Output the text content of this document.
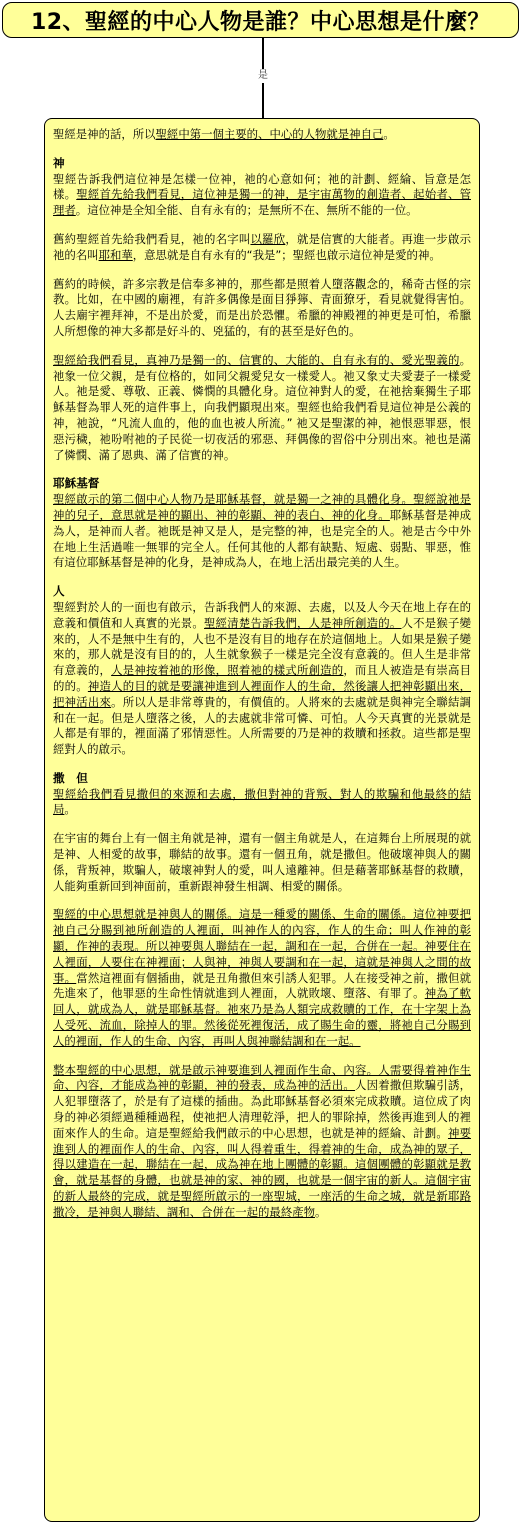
12、聖經的中心人物是誰？中心思想是什麼？
是

聖經是神的話，所以聖經中第一個主要的、中心的人物就是神自己。

神

聖經告訴我們這位神是怎樣一位神，祂的心意如何；祂的計劃、經綸、旨意是怎樣。聖經首先給我們看見，這位神是獨一的神，是宇宙萬物的創造者、起始者、管理者。這位神是全知全能、自有永有的；是無所不在、無所不能的一位。

舊約聖經首先給我們看見，祂的名字叫以羅欣，就是信實的大能者。再進一步啟示祂的名叫耶和華，意思就是自有永有的“我是”；聖經也啟示這位神是愛的神。

舊約的時候，許多宗教是信奉多神的，那些都是照着人墮落觀念的，稀奇古怪的宗教。比如，在中國的廟裡，有許多偶像是面目猙獰、青面獠牙，看見就覺得害怕。人去廟宇裡拜神，不是出於愛，而是出於恐懼。希臘的神殿裡的神更是可怕，希臘人所想像的神大多都是好斗的、兇猛的，有的甚至是好色的。

聖經給我們看見，真神乃是獨一的、信實的、大能的、自有永有的、愛光聖義的。祂象一位父親，是有位格的，如同父親愛兒女一樣愛人。祂又象丈夫愛妻子一樣愛人。祂是愛、尊敬、正義、憐憫的具體化身。這位神對人的愛，在祂捨棄獨生子耶穌基督為罪人死的這件事上，向我們顯現出來。聖經也給我們看見這位神是公義的神，祂說，“凡流人血的，他的血也被人所流。” 祂又是聖潔的神，祂恨惡罪惡，恨惡污穢，祂吩咐祂的子民從一切夜活的邪惡、拜偶像的習俗中分別出來。祂也是滿了憐憫、滿了恩典、滿了信實的神。

耶穌基督

聖經啟示的第二個中心人物乃是耶穌基督，就是獨一之神的具體化身。聖經說祂是神的兒子，意思就是神的顯出、神的彰顯、神的表白、神的化身。耶穌基督是神成為人，是神而人者。祂既是神又是人，是完整的神，也是完全的人。祂是古今中外在地上生活過唯一無罪的完全人。任何其他的人都有缺點、短處、弱點、罪惡，惟有這位耶穌基督是神的化身，是神成為人，在地上活出最完美的人生。

人

聖經對於人的一面也有啟示，告訴我們人的來源、去處，以及人今天在地上存在的意義和價值和人真實的光景。聖經清楚告訴我們，人是神所創造的。人不是猴子變來的，人不是無中生有的，人也不是沒有目的地存在於這個地上。人如果是猴子變來的，那人就是沒有目的的，人生就象猴子一樣是完全沒有意義的。但人生是非常有意義的，人是神按着祂的形像，照着祂的樣式所創造的，而且人被造是有崇高目的的。神造人的目的就是要讓神進到人裡面作人的生命，然後讓人把神彰顯出來，把神活出來。所以人是非常尊貴的，有價值的。人將來的去處就是與神完全聯結調和在一起。但是人墮落之後，人的去處就非常可憐、可怕。人今天真實的光景就是人都是有罪的，裡面滿了邪情惡性。人所需要的乃是神的救贖和拯救。這些都是聖經對人的啟示。

撒　但

聖經給我們看見撒但的來源和去處，撒但對神的背叛、對人的欺騙和他最終的結局。

在宇宙的舞台上有一個主角就是神，還有一個主角就是人，在這舞台上所展現的就是神、人相愛的故事，聯結的故事。還有一個丑角，就是撒但。他破壞神與人的關係，背叛神，欺騙人，破壞神對人的愛，叫人遠離神。但是藉著耶穌基督的救贖，人能夠重新回到神面前，重新跟神發生相調、相愛的關係。

聖經的中心思想就是神與人的關係。這是一種愛的關係、生命的關係。這位神要把祂自己分賜到祂所創造的人裡面，叫神作人的內容，作人的生命；叫人作神的彰顯，作神的表現。所以神要與人聯結在一起，調和在一起，合併在一起。神要住在人裡面，人要住在神裡面；人與神，神與人要調和在一起，這就是神與人之間的故事。當然這裡面有個插曲，就是丑角撒但來引誘人犯罪。人在接受神之前，撒但就先進來了，他罪惡的生命性情就進到人裡面，人就敗壞、墮落、有罪了。神為了軟回人，就成為人，就是耶穌基督。祂來乃是為人類完成救贖的工作，在十字架上為人受死、流血，除掉人的罪。然後從死裡復活，成了賜生命的靈，將祂自己分賜到人的裡面，作人的生命、內容，再叫人與神聯結調和在一起。

整本聖經的中心思想，就是啟示神要進到人裡面作生命、內容。人需要得着神作生命、內容，才能成為神的彰顯，神的發表，成為神的活出。人因着撒但欺騙引誘，人犯罪墮落了，於是有了這樣的插曲。為此耶穌基督必須來完成救贖。這位成了肉身的神必須經過種種過程，使祂把人清理乾淨，把人的罪除掉，然後再進到人的裡面來作人的生命。這是聖經給我們啟示的中心思想，也就是神的經綸、計劃。神要進到人的裡面作人的生命、內容，叫人得着重生，得着神的生命，成為神的眾子，得以建造在一起，聯結在一起，成為神在地上團體的彰顯。這個團體的彰顯就是教會，就是基督的身體，也就是神的家、神的國，也就是一個宇宙的新人。這個宇宙的新人最終的完成，就是聖經所啟示的一座聖城，一座活的生命之城，就是新耶路撒冷，是神與人聯結、調和、合併在一起的最終產物。
